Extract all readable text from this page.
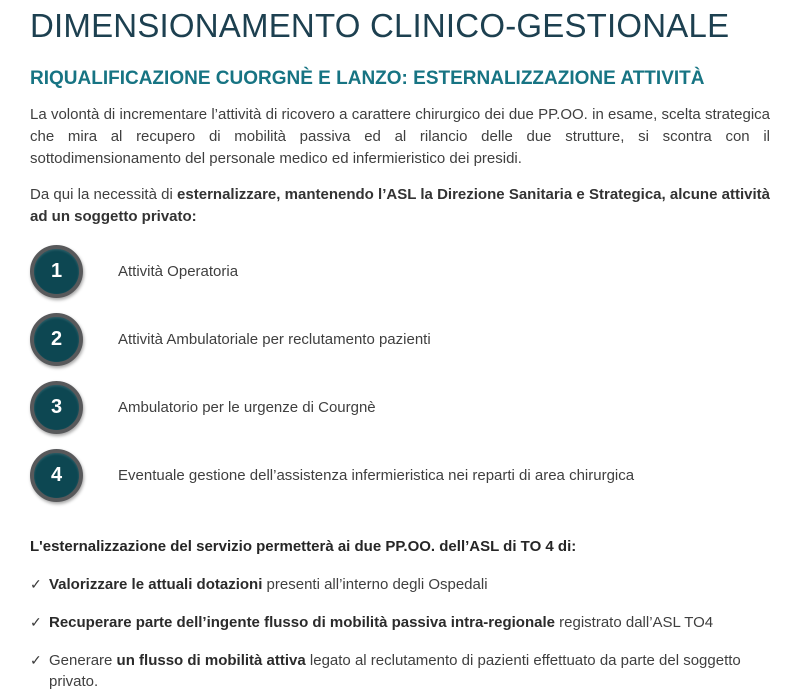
DIMENSIONAMENTO CLINICO-GESTIONALE
RIQUALIFICAZIONE CUORGNÈ E LANZO: ESTERNALIZZAZIONE ATTIVITÀ

La volontà di incrementare l’attività di ricovero a carattere chirurgico dei due PP.OO. in esame, scelta strategica che mira al recupero di mobilità passiva ed al rilancio delle due strutture, si scontra con il sottodimensionamento del personale medico ed infermieristico dei presidi.

Da qui la necessità di esternalizzare, mantenendo l’ASL la Direzione Sanitaria e Strategica, alcune attività ad un soggetto privato:

1	Attività Operatoria
2	Attività Ambulatoriale per reclutamento pazienti
3	Ambulatorio per le urgenze di Courgnè
4	Eventuale gestione dell’assistenza infermieristica nei reparti di area chirurgica

L'esternalizzazione del servizio permetterà ai due PP.OO. dell’ASL di TO 4 di:

✓ Valorizzare le attuali dotazioni presenti all’interno degli Ospedali

✓ Recuperare parte dell’ingente flusso di mobilità passiva intra-regionale registrato dall’ASL TO4

✓ Generare un flusso di mobilità attiva legato al reclutamento di pazienti effettuato da parte del soggetto privato.
